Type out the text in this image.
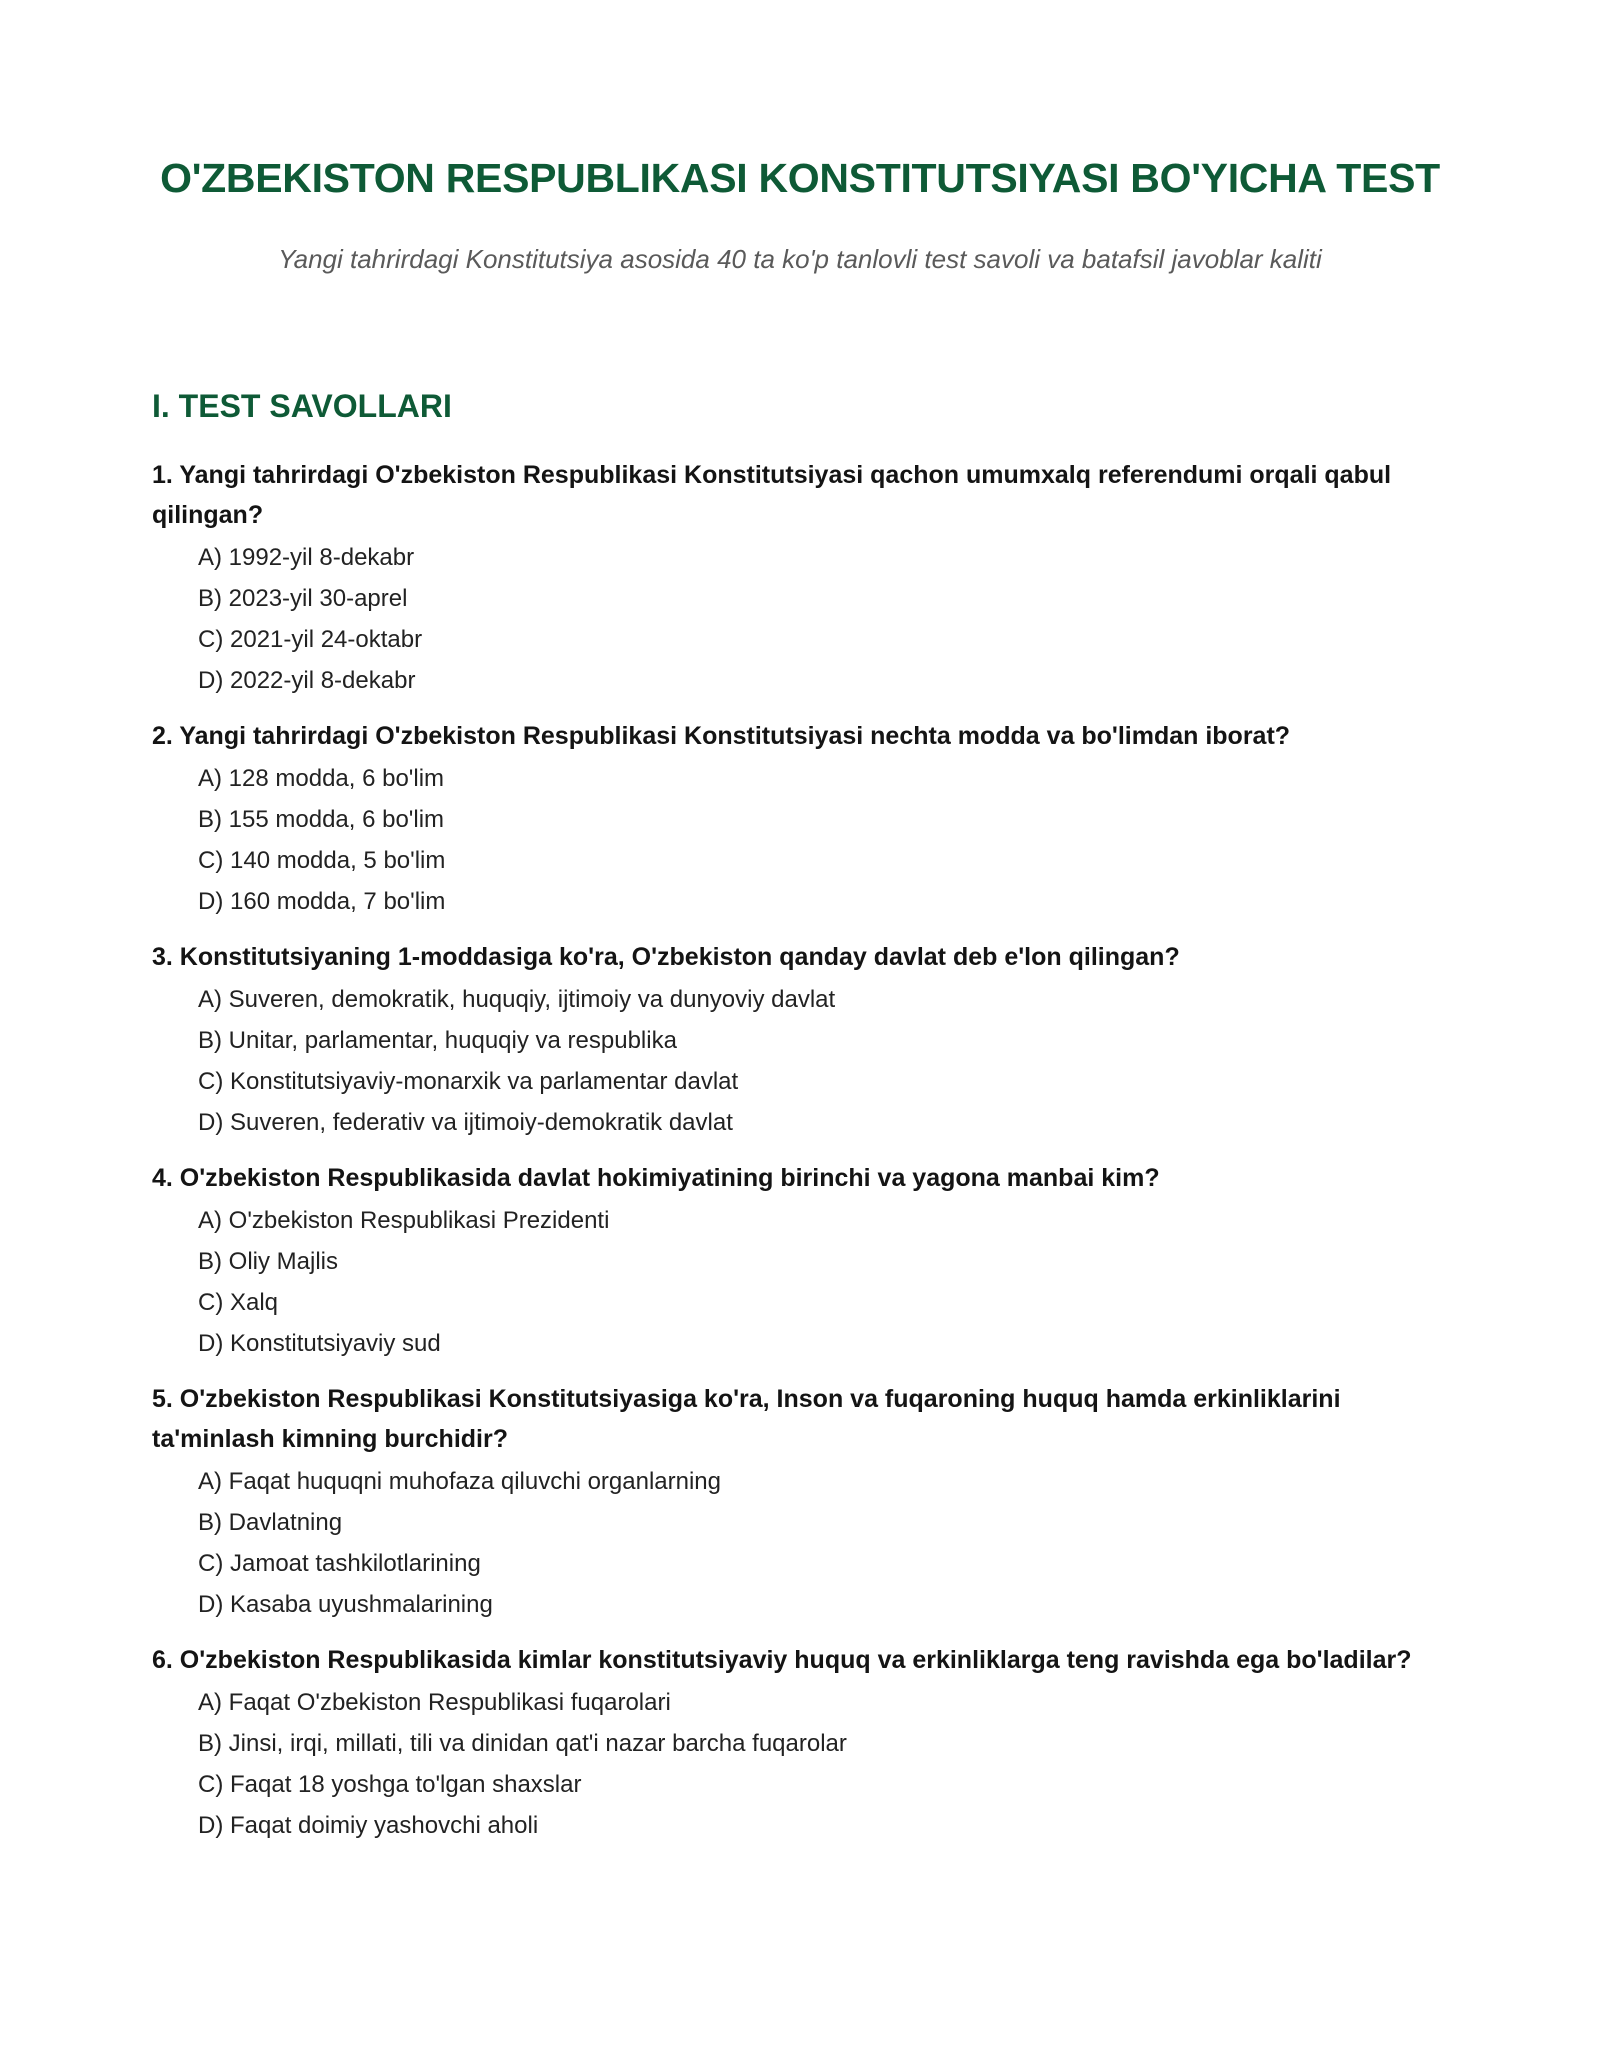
O'ZBEKISTON RESPUBLIKASI KONSTITUTSIYASI BO'YICHA TEST

Yangi tahrirdagi Konstitutsiya asosida 40 ta ko'p tanlovli test savoli va batafsil javoblar kaliti

I. TEST SAVOLLARI

1. Yangi tahrirdagi O'zbekiston Respublikasi Konstitutsiyasi qachon umumxalq referendumi orqali qabul qilingan?

A) 1992-yil 8-dekabr
B) 2023-yil 30-aprel
C) 2021-yil 24-oktabr
D) 2022-yil 8-dekabr

2. Yangi tahrirdagi O'zbekiston Respublikasi Konstitutsiyasi nechta modda va bo'limdan iborat?

A) 128 modda, 6 bo'lim
B) 155 modda, 6 bo'lim
C) 140 modda, 5 bo'lim
D) 160 modda, 7 bo'lim

3. Konstitutsiyaning 1-moddasiga ko'ra, O'zbekiston qanday davlat deb e'lon qilingan?

A) Suveren, demokratik, huquqiy, ijtimoiy va dunyoviy davlat
B) Unitar, parlamentar, huquqiy va respublika
C) Konstitutsiyaviy-monarxik va parlamentar davlat
D) Suveren, federativ va ijtimoiy-demokratik davlat

4. O'zbekiston Respublikasida davlat hokimiyatining birinchi va yagona manbai kim?

A) O'zbekiston Respublikasi Prezidenti
B) Oliy Majlis
C) Xalq
D) Konstitutsiyaviy sud

5. O'zbekiston Respublikasi Konstitutsiyasiga ko'ra, Inson va fuqaroning huquq hamda erkinliklarini ta'minlash kimning burchidir?

A) Faqat huquqni muhofaza qiluvchi organlarning
B) Davlatning
C) Jamoat tashkilotlarining
D) Kasaba uyushmalarining

6. O'zbekiston Respublikasida kimlar konstitutsiyaviy huquq va erkinliklarga teng ravishda ega bo'ladilar?

A) Faqat O'zbekiston Respublikasi fuqarolari
B) Jinsi, irqi, millati, tili va dinidan qat'i nazar barcha fuqarolar
C) Faqat 18 yoshga to'lgan shaxslar
D) Faqat doimiy yashovchi aholi
